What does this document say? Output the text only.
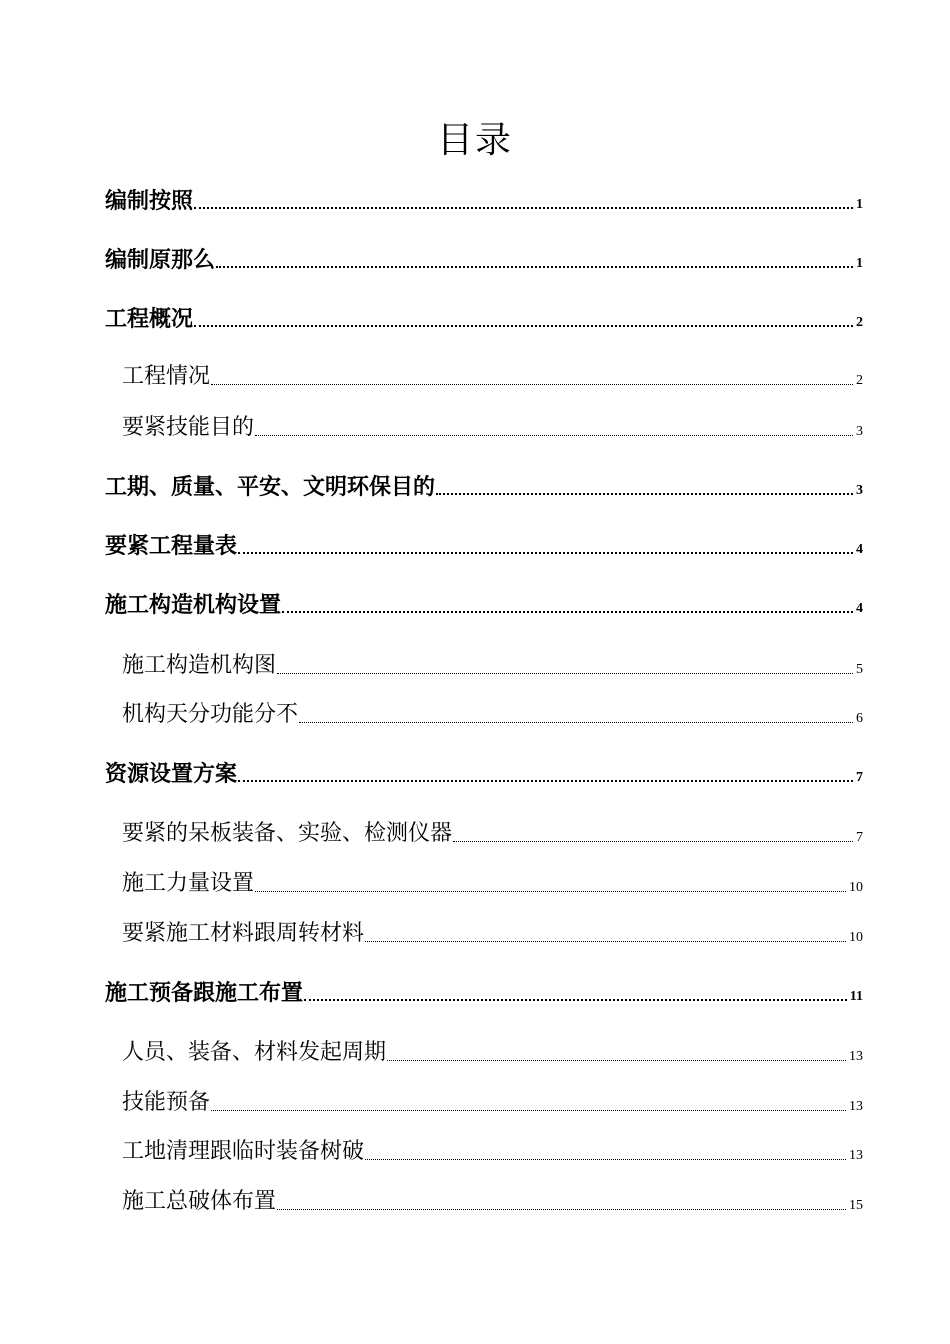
目录
编制按照	1
编制原那么	1
工程概况	2
工程情况	2
要紧技能目的	3
工期、质量、平安、文明环保目的	3
要紧工程量表	4
施工构造机构设置	4
施工构造机构图	5
机构天分功能分不	6
资源设置方案	7
要紧的呆板装备、实验、检测仪器	7
施工力量设置	10
要紧施工材料跟周转材料	10
施工预备跟施工布置	11
人员、装备、材料发起周期	13
技能预备	13
工地清理跟临时装备树破	13
施工总破体布置	15
